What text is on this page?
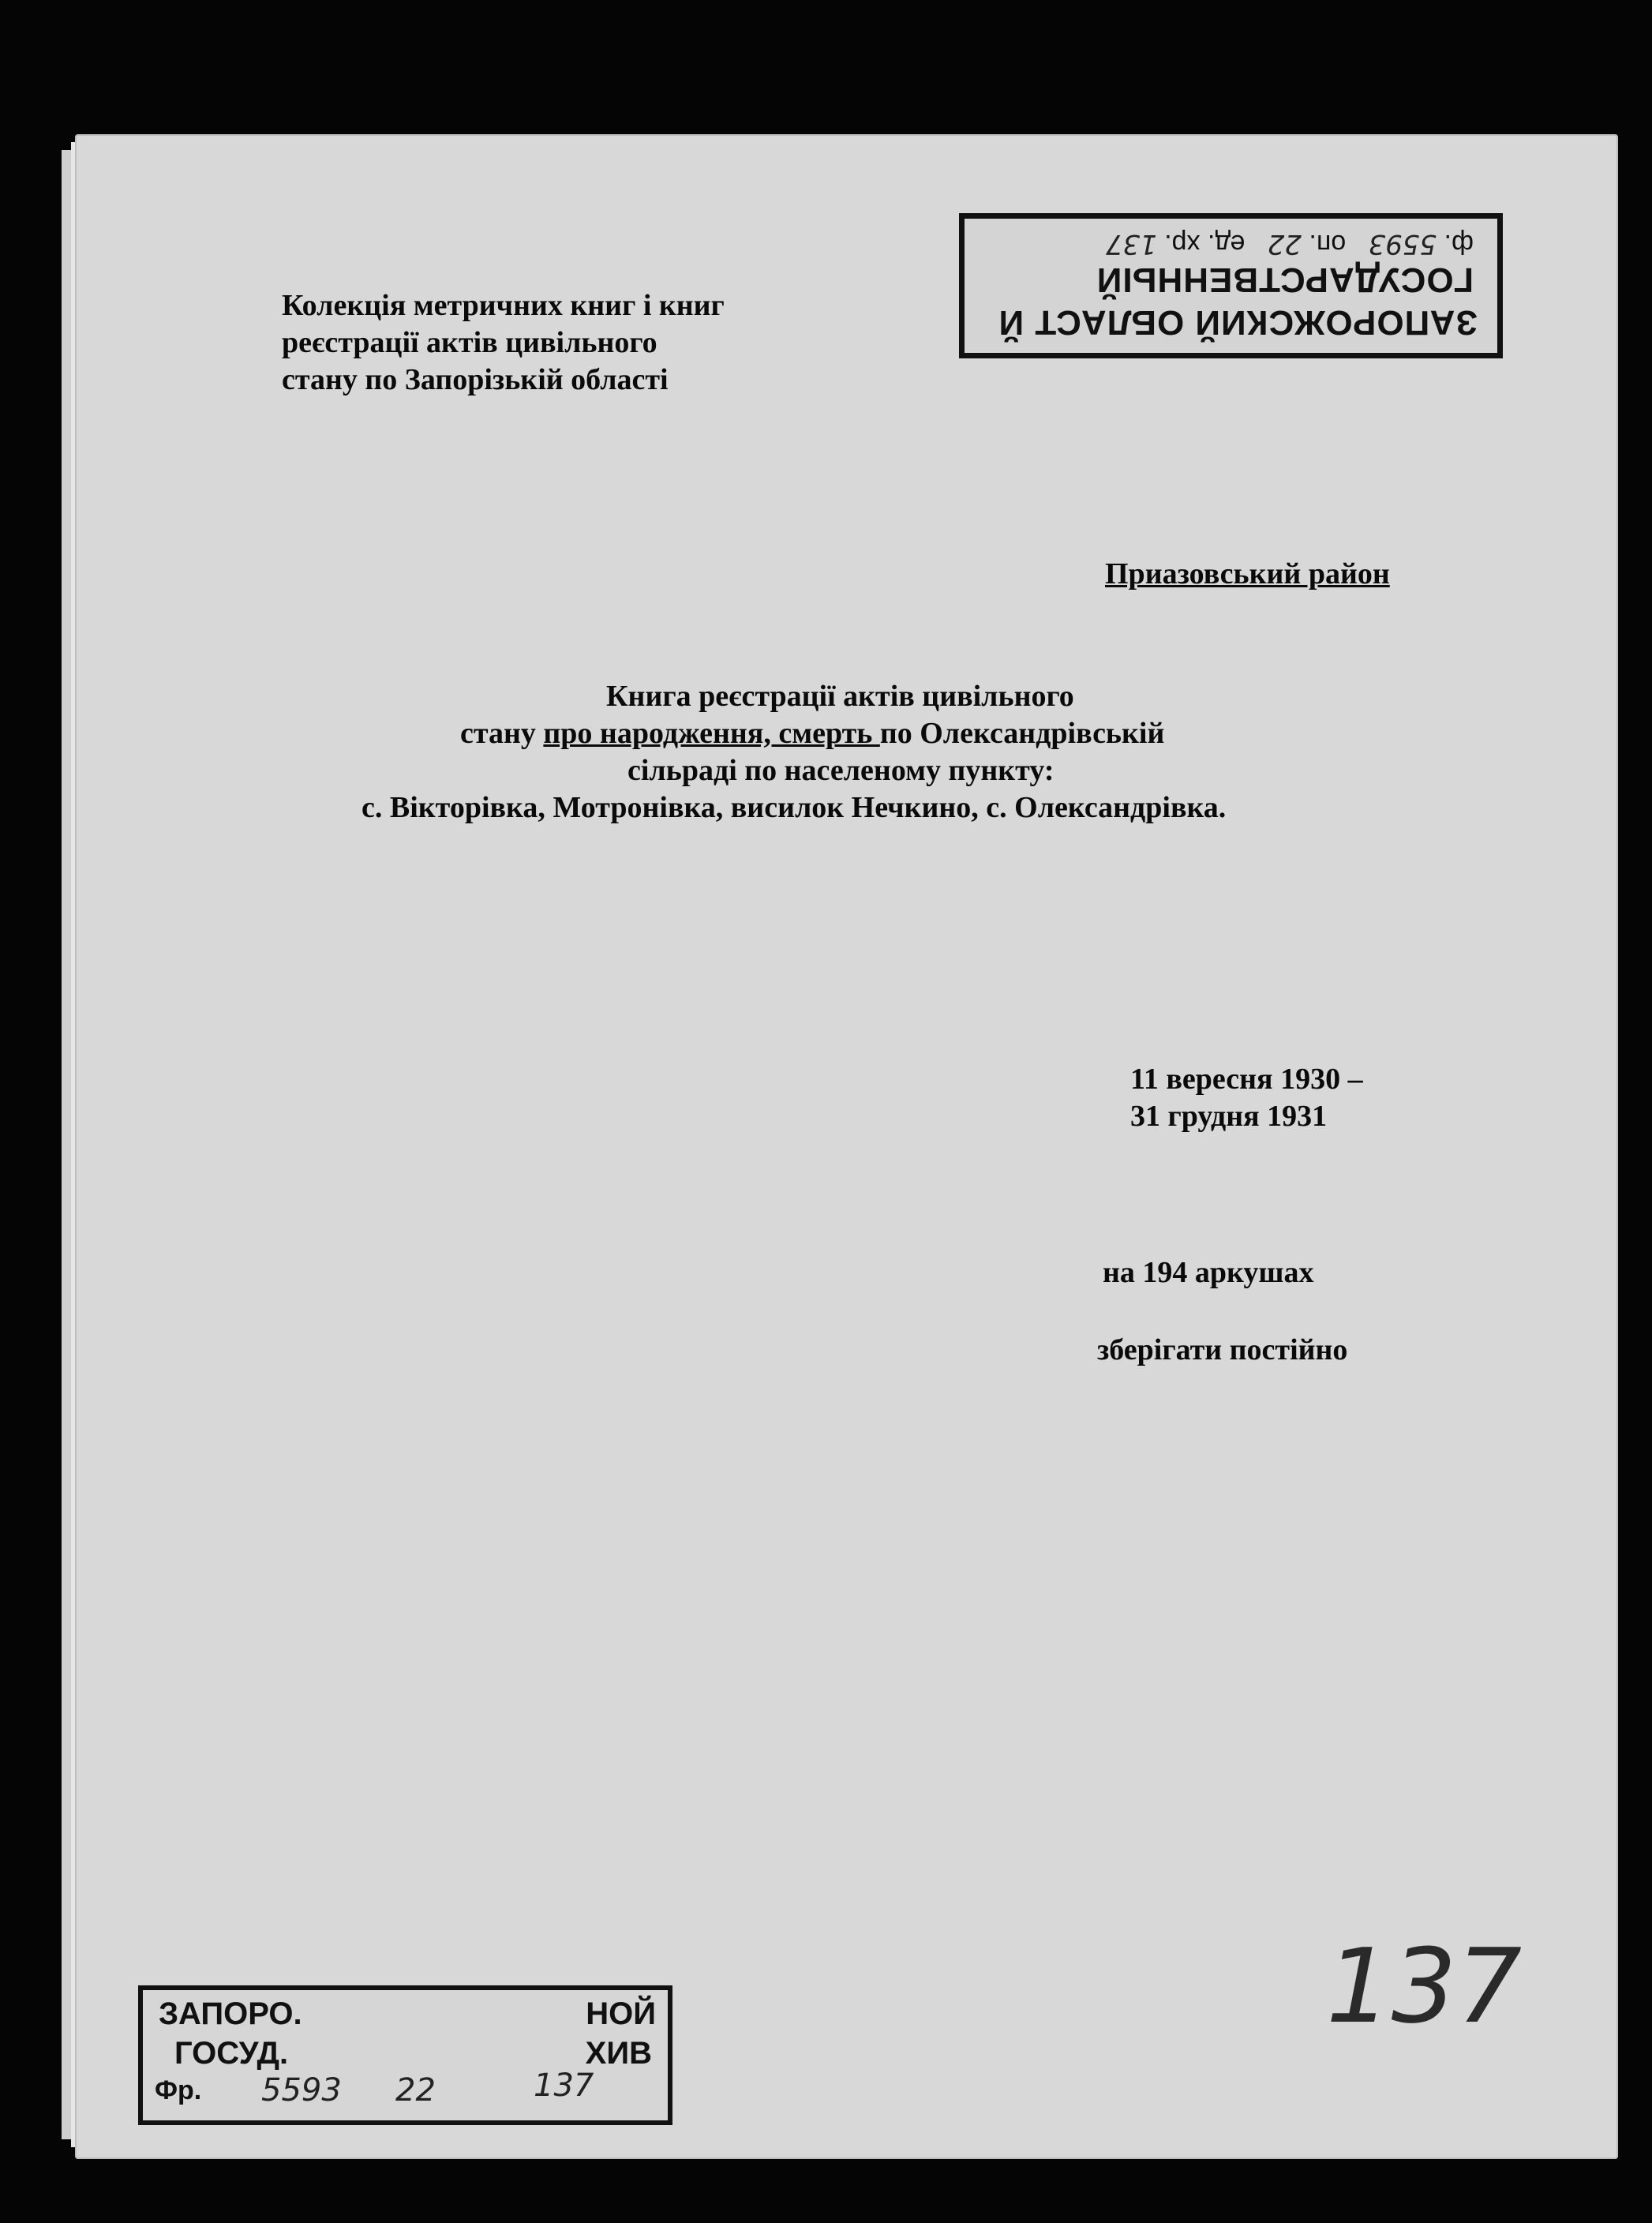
ЗАПОРОЖСКИЙ ОБЛАСТ Й
ГОСУДАРСТВЕННЫЙ
ф. 5593   оп. 22   ед. хр. 137
Колекція метричних книг і книг
реєстрації актів цивільного
стану по Запорізькій області
Приазовський район
Книга реєстрації актів цивільного
стану про народження, смерть по Олександрівській
сільраді по населеному пункту:
с. Вікторівка, Мотронівка, висилок Нечкино, с. Олександрівка.
11 вересня 1930 –
31 грудня 1931
на 194 аркушах
зберігати постійно
137
ЗАПОРО.	НОЙ
ГОСУД.	ХИВ
Фр. 5593 22	137
